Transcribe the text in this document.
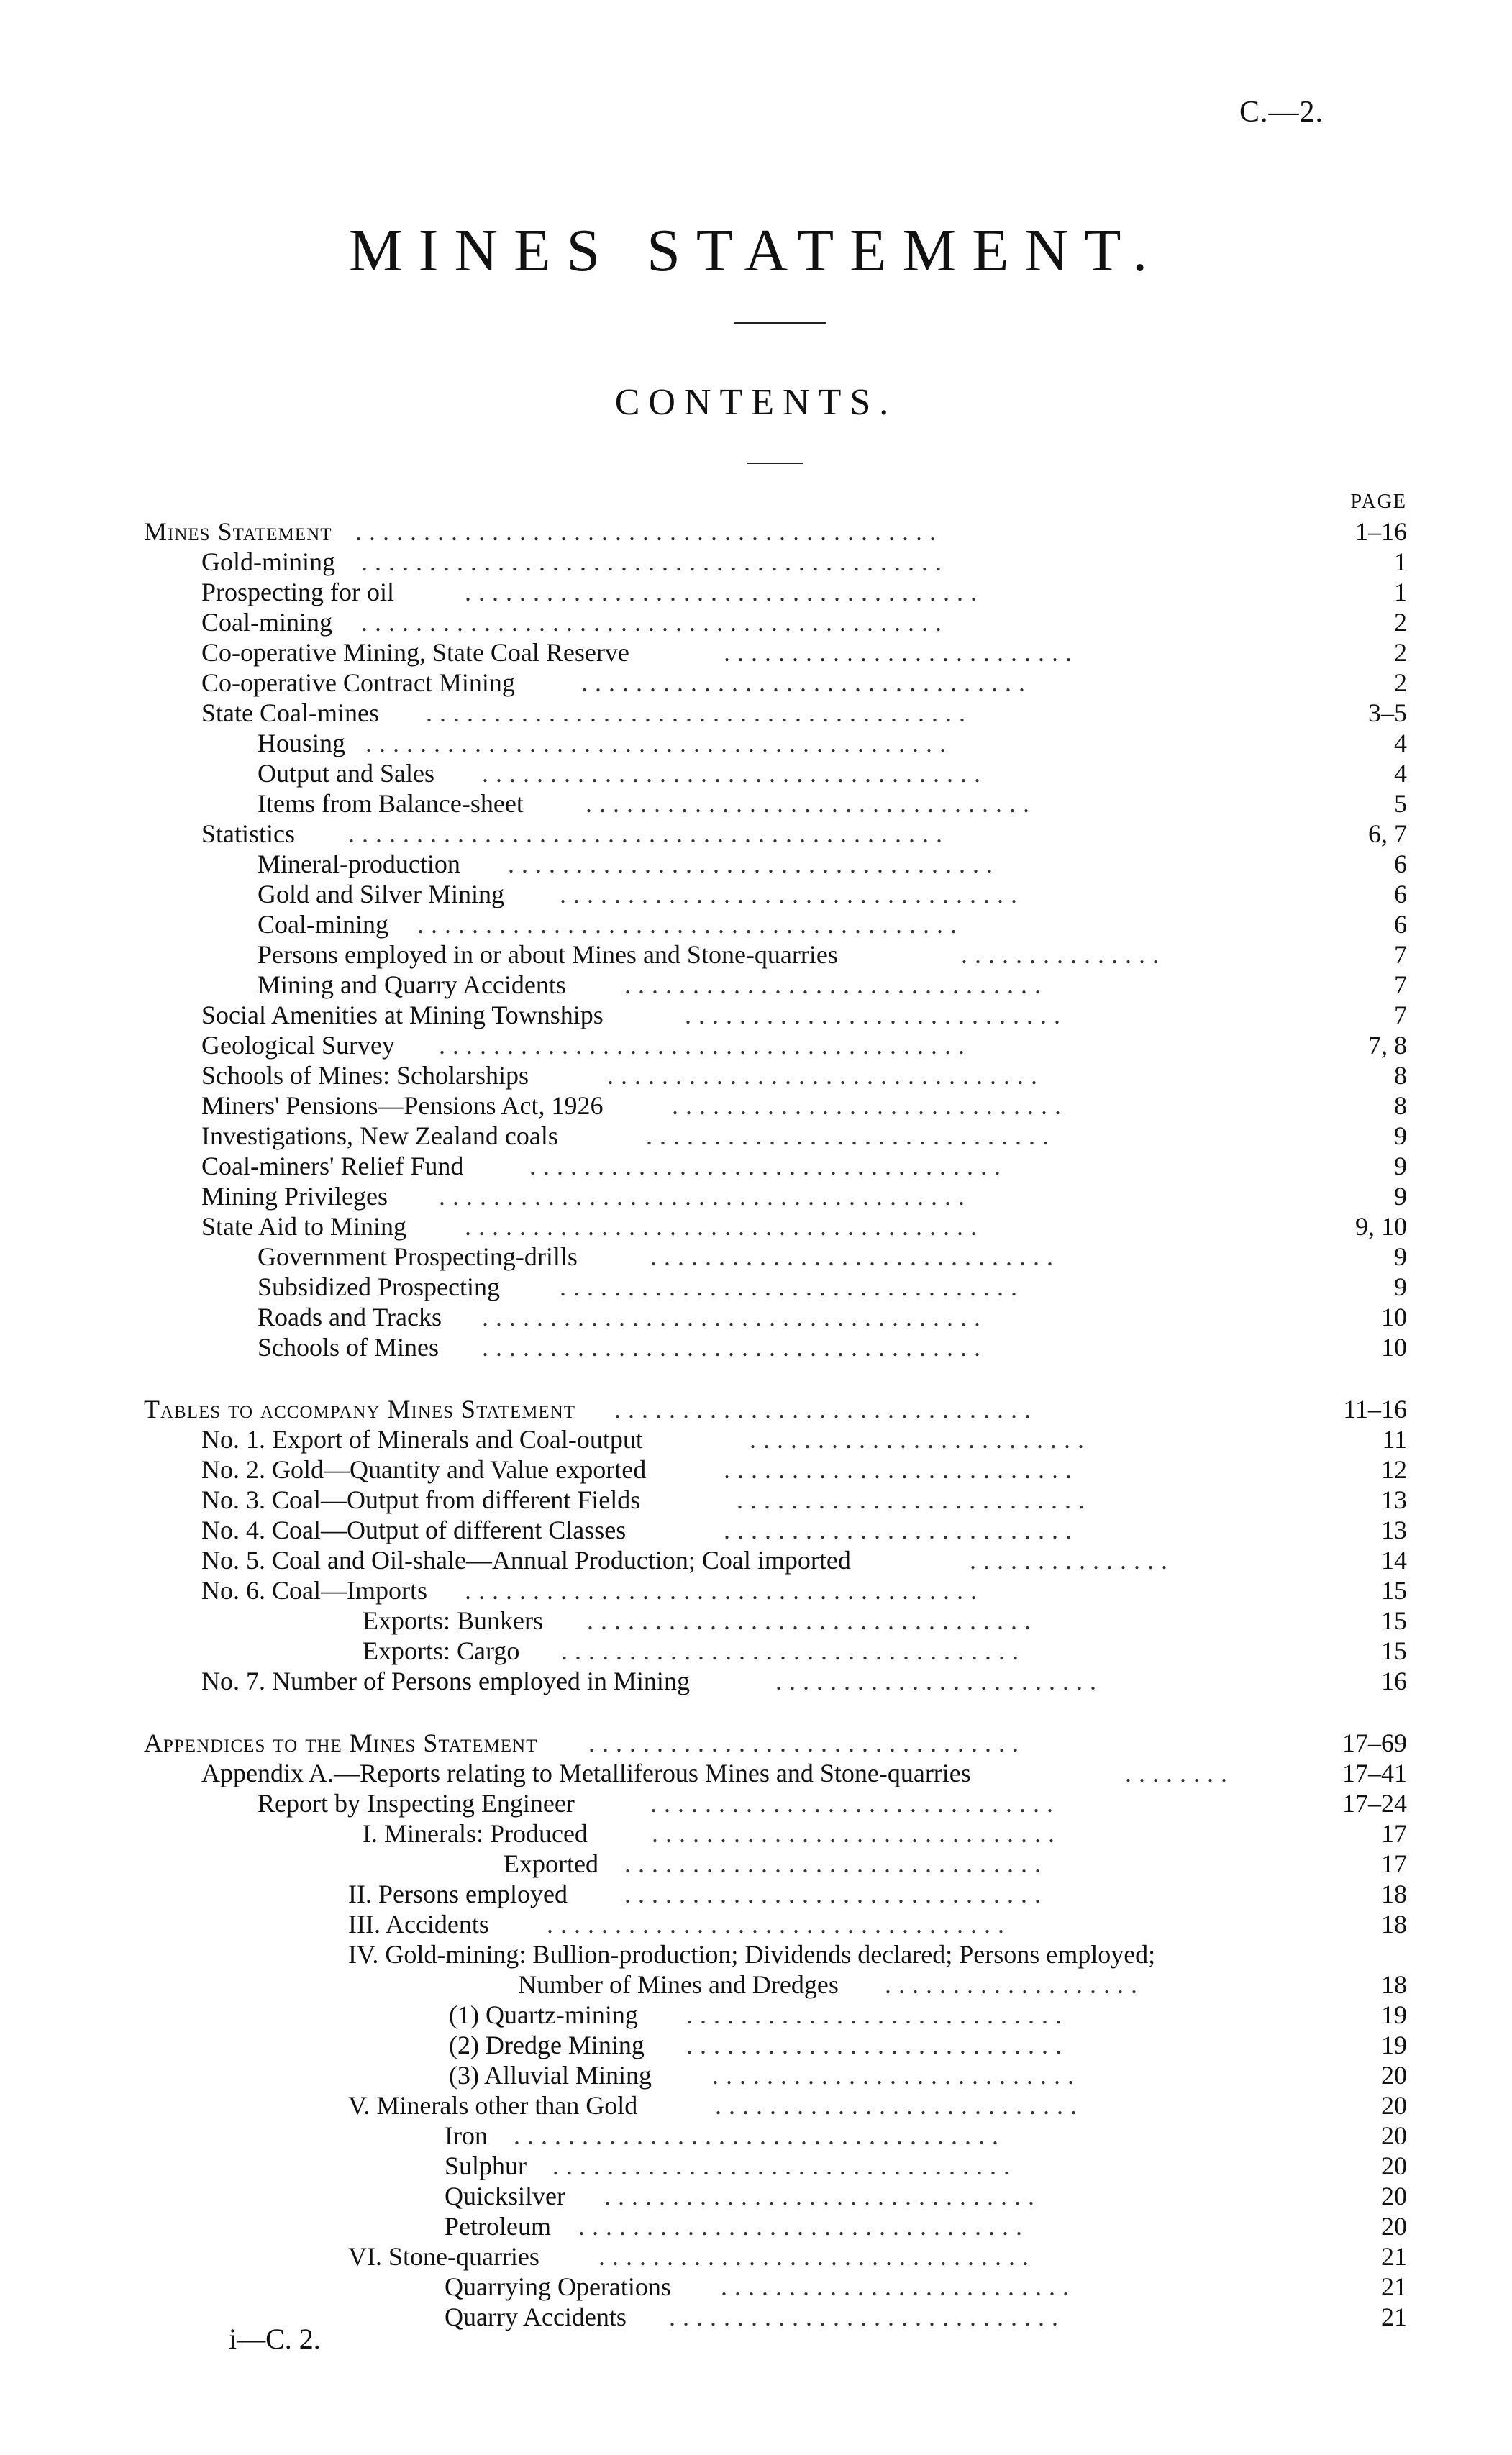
C.—2.
MINES STATEMENT.
CONTENTS.
PAGE
Mines Statement ...........................................	1–16
Gold-mining ...........................................	1
Prospecting for oil	......................................	1
Coal-mining ...........................................	2
Co-operative Mining, State Coal Reserve	..........................	2
Co-operative Contract Mining	.................................	2
State Coal-mines ........................................	3–5
Housing ...........................................	4
Output and Sales .....................................	4
Items from Balance-sheet .................................	5
Statistics ............................................	6, 7
Mineral-production ....................................	6
Gold and Silver Mining ..................................	6
Coal-mining ........................................	6
Persons employed in or about Mines and Stone-quarries	...............	7
Mining and Quarry Accidents ...............................	7
Social Amenities at Mining Townships	............................	7
Geological Survey .......................................	7, 8
Schools of Mines: Scholarships	................................	8
Miners' Pensions—Pensions Act, 1926	.............................	8
Investigations, New Zealand coals	..............................	9
Coal-miners' Relief Fund	...................................	9
Mining Privileges .......................................	9
State Aid to Mining ......................................	9, 10
Government Prospecting-drills	..............................	9
Subsidized Prospecting ..................................	9
Roads and Tracks .....................................	10
Schools of Mines .....................................	10
Tables to accompany Mines Statement ...............................	11–16
No. 1. Export of Minerals and Coal-output	.........................	11
No. 2. Gold—Quantity and Value exported	..........................	12
No. 3. Coal—Output from different Fields	..........................	13
No. 4. Coal—Output of different Classes	..........................	13
No. 5. Coal and Oil-shale—Annual Production; Coal imported	...............	14
No. 6. Coal—Imports ......................................	15
Exports: Bunkers .................................	15
Exports: Cargo ..................................	15
No. 7. Number of Persons employed in Mining	........................	16
Appendices to the Mines Statement ................................	17–69
Appendix A.—Reports relating to Metalliferous Mines and Stone-quarries	........	17–41
Report by Inspecting Engineer	..............................	17–24
I. Minerals: Produced ..............................	17
Exported ...............................	17
II. Persons employed ...............................	18
III. Accidents ..................................	18
IV. Gold-mining: Bullion-production; Dividends declared; Persons employed;
Number of Mines and Dredges ...................	18
(1) Quartz-mining ............................	19
(2) Dredge Mining ............................	19
(3) Alluvial Mining ...........................	20
V. Minerals other than Gold	...........................	20
Iron ....................................	20
Sulphur ..................................	20
Quicksilver ................................	20
Petroleum .................................	20
VI. Stone-quarries ................................	21
Quarrying Operations ..........................	21
Quarry Accidents .............................	21
i—C. 2.
